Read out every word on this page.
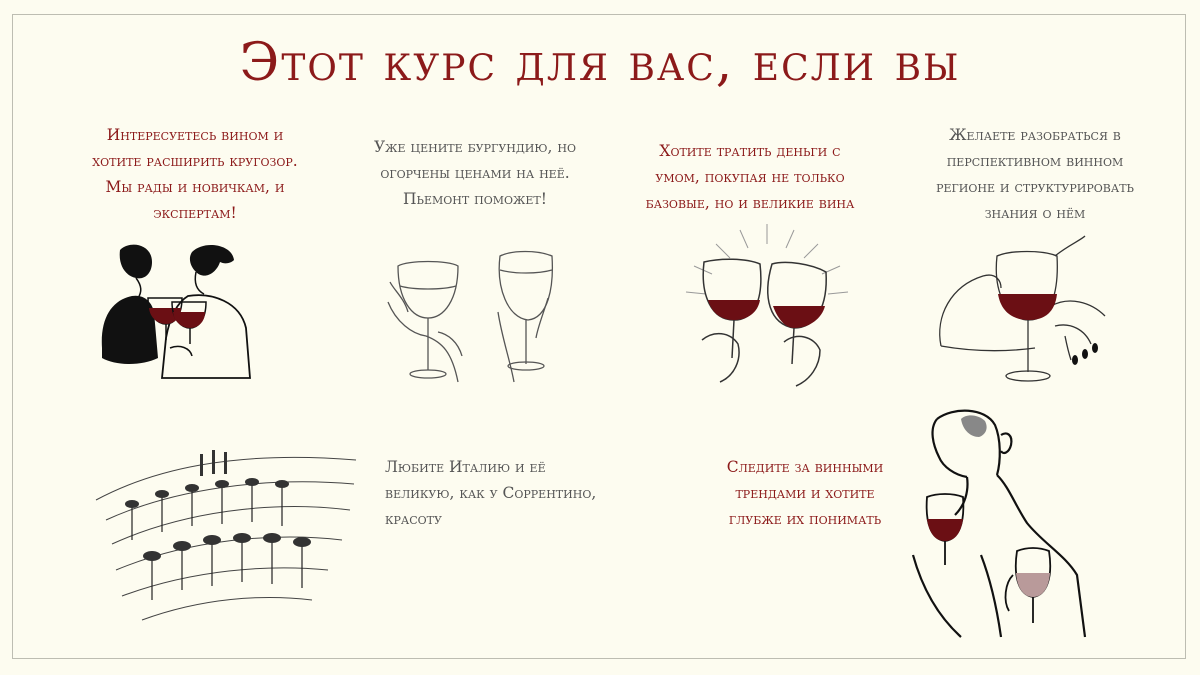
Этот курс для вас, если вы
Интересуетесь вином и
хотите расширить кругозор.
Мы рады и новичкам, и
экспертам!
Уже цените бургундию, но
огорчены ценами на неё.
Пьемонт поможет!
Хотите тратить деньги с
умом, покупая не только
базовые, но и великие вина
Желаете разобраться в
перспективном винном
регионе и структурировать
знания о нём
Любите Италию и её
великую, как у Соррентино,
красоту
Следите за винными
трендами и хотите
глубже их понимать
